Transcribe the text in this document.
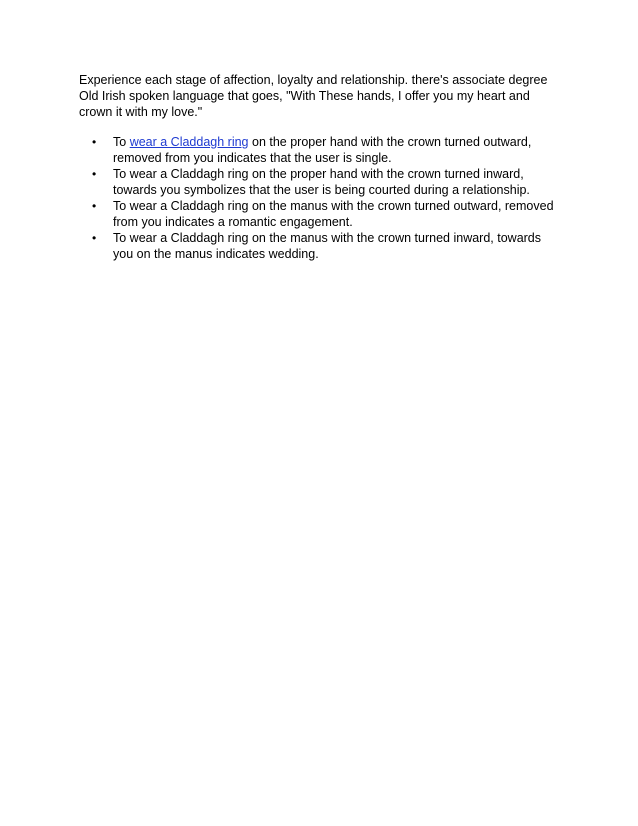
Experience each stage of affection, loyalty and relationship. there's associate degree
Old Irish spoken language that goes, "With These hands, I offer you my heart and
crown it with my love."

• To wear a Claddagh ring on the proper hand with the crown turned outward,
removed from you indicates that the user is single.
• To wear a Claddagh ring on the proper hand with the crown turned inward,
towards you symbolizes that the user is being courted during a relationship.
• To wear a Claddagh ring on the manus with the crown turned outward, removed
from you indicates a romantic engagement.
• To wear a Claddagh ring on the manus with the crown turned inward, towards
you on the manus indicates wedding.
